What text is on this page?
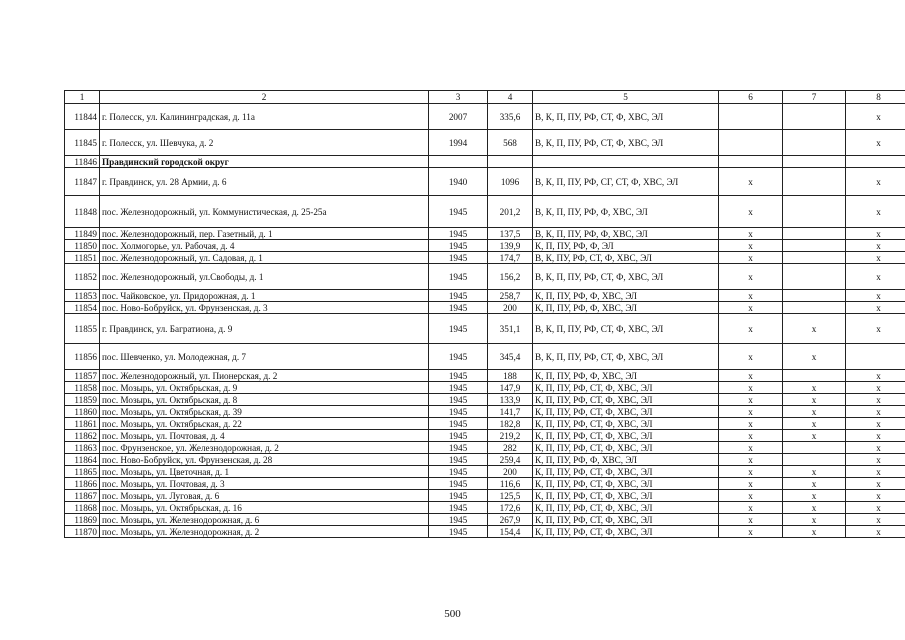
1	2	3	4	5	6	7	8
11844	г. Полесск, ул. Калининградская, д. 11а	2007	335,6	В, К, П, ПУ, РФ, СТ, Ф, ХВС, ЭЛ			х
11845	г. Полесск, ул. Шевчука, д. 2	1994	568	В, К, П, ПУ, РФ, СТ, Ф, ХВС, ЭЛ			х
11846	Правдинский городской округ						
11847	г. Правдинск, ул. 28 Армии, д. 6	1940	1096	В, К, П, ПУ, РФ, СГ, СТ, Ф, ХВС, ЭЛ	х		х
11848	пос. Железнодорожный, ул. Коммунистическая, д. 25-25а	1945	201,2	В, К, П, ПУ, РФ, Ф, ХВС, ЭЛ	х		х
11849	пос. Железнодорожный, пер. Газетный, д. 1	1945	137,5	В, К, П, ПУ, РФ, Ф, ХВС, ЭЛ	х		х
11850	пос. Холмогорье, ул. Рабочая, д. 4	1945	139,9	К, П, ПУ, РФ, Ф, ЭЛ	х		х
11851	пос. Железнодорожный, ул. Садовая, д. 1	1945	174,7	В, К, ПУ, РФ, СТ, Ф, ХВС, ЭЛ	х		х
11852	пос. Железнодорожный, ул.Свободы, д. 1	1945	156,2	В, К, П, ПУ, РФ, СТ, Ф, ХВС, ЭЛ	х		х
11853	пос. Чайковское, ул. Придорожная, д. 1	1945	258,7	К, П, ПУ, РФ, Ф, ХВС, ЭЛ	х		х
11854	пос. Ново-Бобруйск, ул. Фрунзенская, д. 3	1945	200	К, П, ПУ, РФ, Ф, ХВС, ЭЛ	х		х
11855	г. Правдинск, ул. Багратиона, д. 9	1945	351,1	В, К, П, ПУ, РФ, СТ, Ф, ХВС, ЭЛ	х	х	х
11856	пос. Шевченко, ул. Молодежная, д. 7	1945	345,4	В, К, П, ПУ, РФ, СТ, Ф, ХВС, ЭЛ	х	х	
11857	пос. Железнодорожный, ул. Пионерская, д. 2	1945	188	К, П, ПУ, РФ, Ф, ХВС, ЭЛ	х		х
11858	пос. Мозырь, ул. Октябрьская, д. 9	1945	147,9	К, П, ПУ, РФ, СТ, Ф, ХВС, ЭЛ	х	х	х
11859	пос. Мозырь, ул. Октябрьская, д. 8	1945	133,9	К, П, ПУ, РФ, СТ, Ф, ХВС, ЭЛ	х	х	х
11860	пос. Мозырь, ул. Октябрьская, д. 39	1945	141,7	К, П, ПУ, РФ, СТ, Ф, ХВС, ЭЛ	х	х	х
11861	пос. Мозырь, ул. Октябрьская, д. 22	1945	182,8	К, П, ПУ, РФ, СТ, Ф, ХВС, ЭЛ	х	х	х
11862	пос. Мозырь, ул. Почтовая, д. 4	1945	219,2	К, П, ПУ, РФ, СТ, Ф, ХВС, ЭЛ	х	х	х
11863	пос. Фрунзенское, ул. Железнодорожная, д. 2	1945	282	К, П, ПУ, РФ, СТ, Ф, ХВС, ЭЛ	х		х
11864	пос. Ново-Бобруйск, ул. Фрунзенская, д. 28	1945	259,4	К, П, ПУ, РФ, Ф, ХВС, ЭЛ	х		х
11865	пос. Мозырь, ул. Цветочная, д. 1	1945	200	К, П, ПУ, РФ, СТ, Ф, ХВС, ЭЛ	х	х	х
11866	пос. Мозырь, ул. Почтовая, д. 3	1945	116,6	К, П, ПУ, РФ, СТ, Ф, ХВС, ЭЛ	х	х	х
11867	пос. Мозырь, ул. Луговая, д. 6	1945	125,5	К, П, ПУ, РФ, СТ, Ф, ХВС, ЭЛ	х	х	х
11868	пос. Мозырь, ул. Октябрьская, д. 16	1945	172,6	К, П, ПУ, РФ, СТ, Ф, ХВС, ЭЛ	х	х	х
11869	пос. Мозырь, ул. Железнодорожная, д. 6	1945	267,9	К, П, ПУ, РФ, СТ, Ф, ХВС, ЭЛ	х	х	х
11870	пос. Мозырь, ул. Железнодорожная, д. 2	1945	154,4	К, П, ПУ, РФ, СТ, Ф, ХВС, ЭЛ	х	х	х
500
